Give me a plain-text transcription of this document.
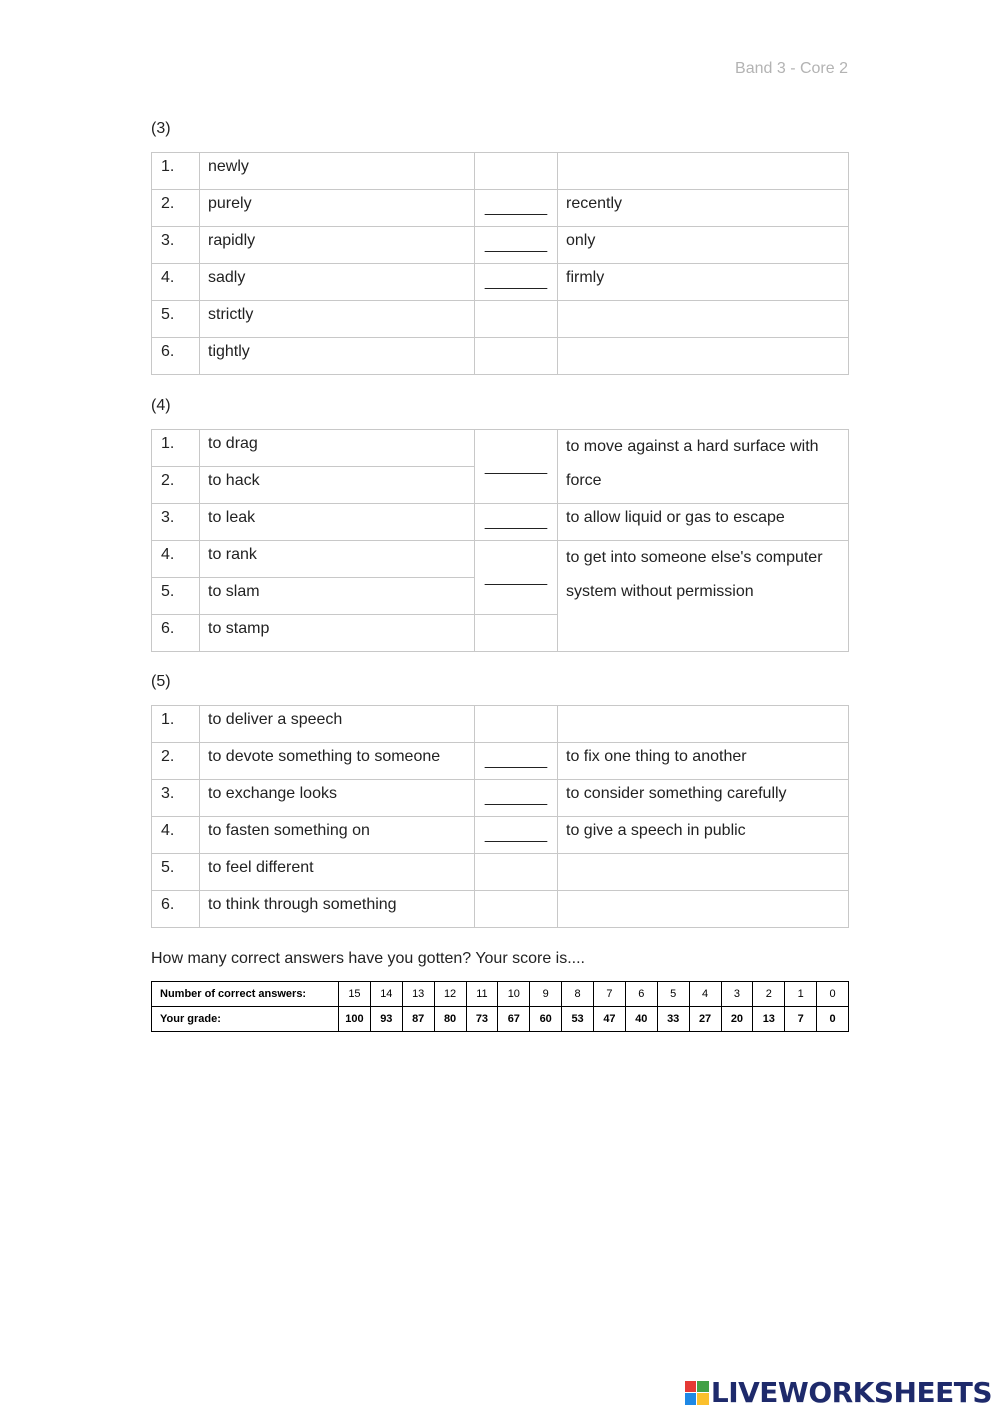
Band 3 - Core 2
(3)
1.	newly		
2.	purely	_______	recently
3.	rapidly	_______	only
4.	sadly	_______	firmly
5.	strictly		
6.	tightly		
(4)
1.	to drag	_______	to move against a hard surface with force
2.	to hack		
3.	to leak	_______	to allow liquid or gas to escape
4.	to rank	_______	to get into someone else's computer system without permission
5.	to slam		
6.	to stamp		
(5)
1.	to deliver a speech		
2.	to devote something to someone	_______	to fix one thing to another
3.	to exchange looks	_______	to consider something carefully
4.	to fasten something on	_______	to give a speech in public
5.	to feel different		
6.	to think through something		
How many correct answers have you gotten? Your score is....
Number of correct answers:	15	14	13	12	11	10	9	8	7	6	5	4	3	2	1	0
Your grade:	100	93	87	80	73	67	60	53	47	40	33	27	20	13	7	0
LIVEWORKSHEETS
